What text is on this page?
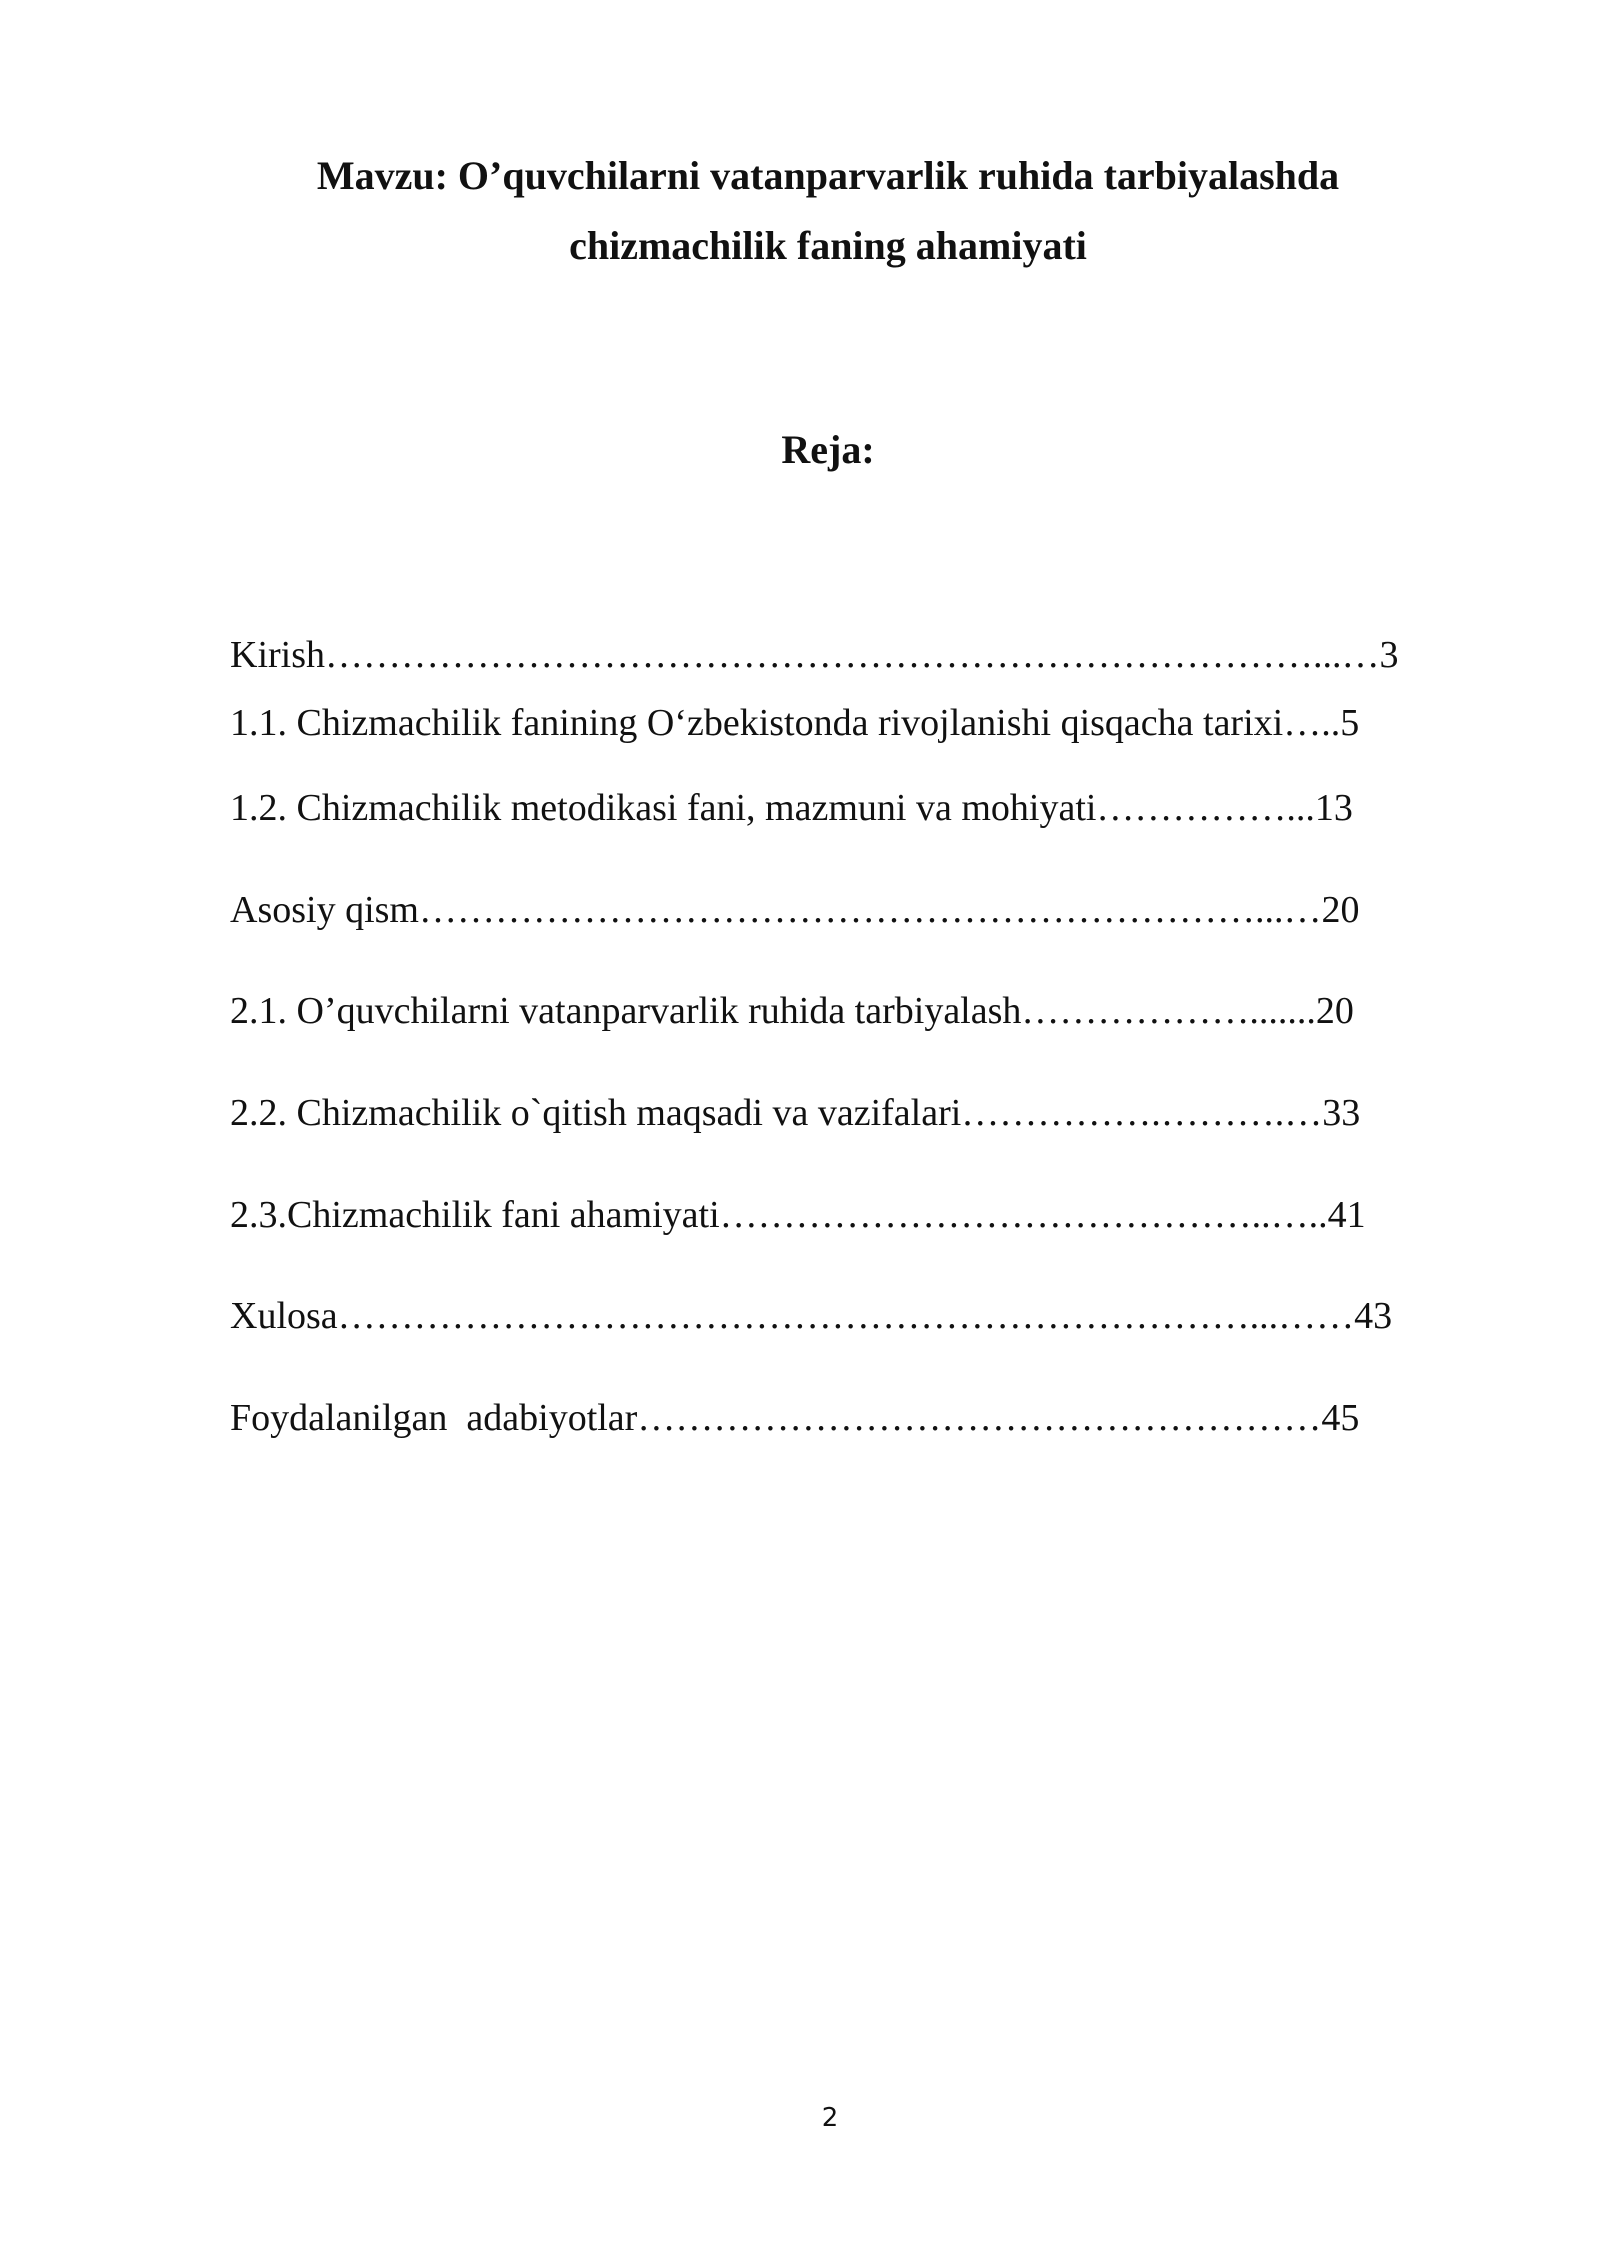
Mavzu: O’quvchilarni vatanparvarlik ruhida tarbiyalashda
chizmachilik faning ahamiyati
Reja:
Kirish……………………………………………………………………...…3
1.1. Chizmachilik fanining O‘zbekistonda rivojlanishi qisqacha tarixi…..5
1.2. Chizmachilik metodikasi fani, mazmuni va mohiyati……………...13
Asosiy qism…………………………………………………………...…20
2.1. O’quvchilarni vatanparvarlik ruhida tarbiyalash……………….......20
2.2. Chizmachilik o`qitish maqsadi va vazifalari…………….……….…33
2.3.Chizmachilik fani ahamiyati……………………………………..…..41
Xulosa………………………………………………………………...……43
Foydalanilgan  adabiyotlar………………………………………………45
2
